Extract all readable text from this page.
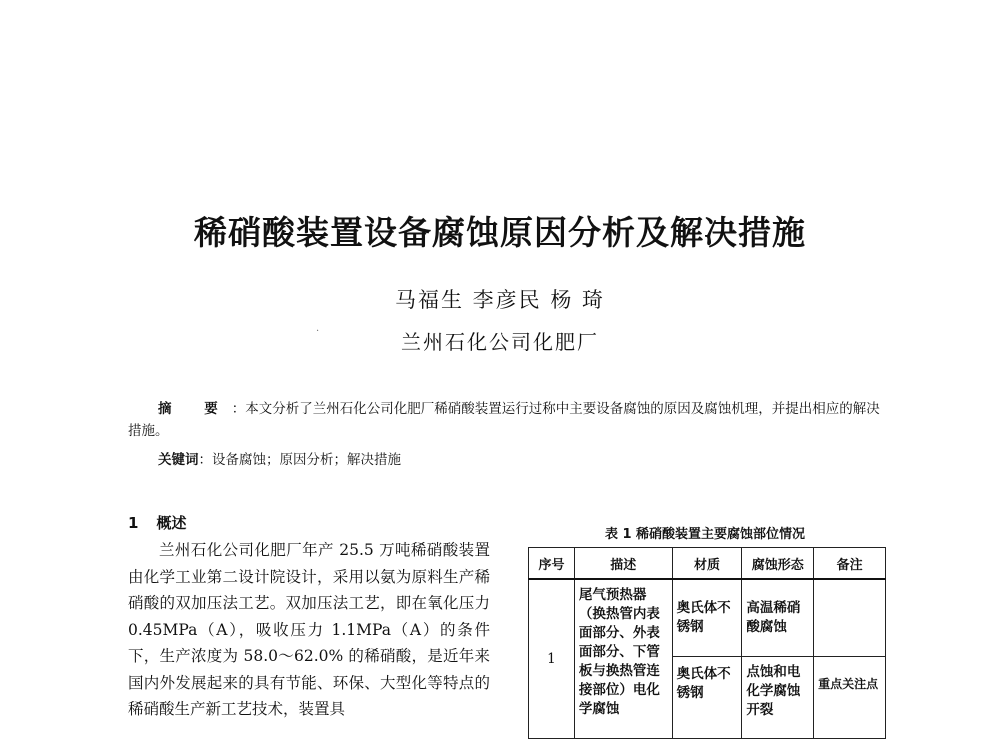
稀硝酸装置设备腐蚀原因分析及解决措施
马福生 李彦民 杨 琦
兰州石化公司化肥厂
·
摘 要：本文分析了兰州石化公司化肥厂稀硝酸装置运行过称中主要设备腐蚀的原因及腐蚀机理，并提出相应的解决措施。
关键词：设备腐蚀；原因分析；解决措施
1 概述
兰州石化公司化肥厂年产 25.5 万吨稀硝酸装置由化学工业第二设计院设计，采用以氨为原料生产稀硝酸的双加压法工艺。双加压法工艺，即在氧化压力 0.45MPa（A），吸收压力 1.1MPa（A）的条件下，生产浓度为 58.0～62.0% 的稀硝酸，是近年来国内外发展起来的具有节能、环保、大型化等特点的稀硝酸生产新工艺技术，装置具
表 1 稀硝酸装置主要腐蚀部位情况
序号	描述	材质	腐蚀形态	备注
1	尾气预热器（换热管内表面部分、外表面部分、下管板与换热管连接部位）电化学腐蚀	奥氏体不锈钢	高温稀硝酸腐蚀	
		奥氏体不锈钢	点蚀和电化学腐蚀开裂	重点关注点
